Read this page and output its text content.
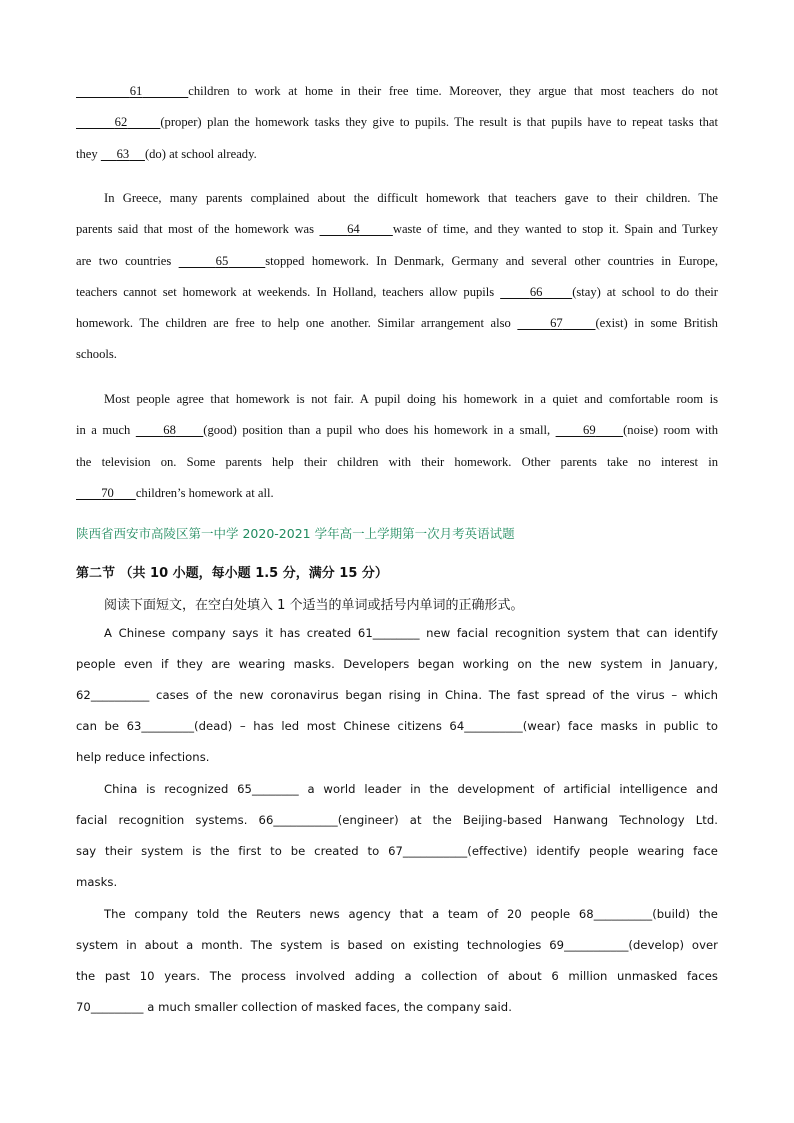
61	children to work at home in their free time. Moreover, they argue that most teachers do not
62	(proper) plan the homework tasks they give to pupils. The result is that pupils have to repeat tasks that
they      63 (do) at school already.
In Greece, many parents complained about the difficult homework that teachers gave to their children. The
parents said that most of the homework was      64	waste of time, and they wanted to stop it. Spain and Turkey
are two countries	65	stopped homework. In Denmark, Germany and several other countries in Europe,
teachers cannot set homework at weekends. In Holland, teachers allow pupils      66 (stay) at school to do their
homework. The children are free to help one another. Similar arrangement also	67	(exist) in some British
schools.
Most people agree that homework is not fair. A pupil doing his homework in a quiet and comfortable room is
in a much      68 (good) position than a pupil who does his homework in a small,      69 (noise) room with
the television on. Some parents help their children with their homework. Other parents take no interest in
70 children’s homework at all.
陕西省西安市高陵区第一中学 2020-2021 学年高一上学期第一次月考英语试题
第二节 （共 10 小题，每小题 1.5 分，满分 15 分）
阅读下面短文，在空白处填入 1 个适当的单词或括号内单词的正确形式。
A Chinese company says it has created 61________ new facial recognition system that can identify
people even if they are wearing masks. Developers began working on the new system in January,
62__________ cases of the new coronavirus began rising in China. The fast spread of the virus – which
can be 63_________(dead) – has led most Chinese citizens 64__________(wear) face masks in public to
help reduce infections.
China is recognized 65________ a world leader in the development of artificial intelligence and
facial recognition systems. 66___________(engineer) at the Beijing-based Hanwang Technology Ltd.
say their system is the first to be created to 67___________(effective) identify people wearing face
masks.
The company told the Reuters news agency that a team of 20 people 68__________(build) the
system in about a month. The system is based on existing technologies 69___________(develop) over
the past 10 years. The process involved adding a collection of about 6 million unmasked faces
70_________ a much smaller collection of masked faces, the company said.
